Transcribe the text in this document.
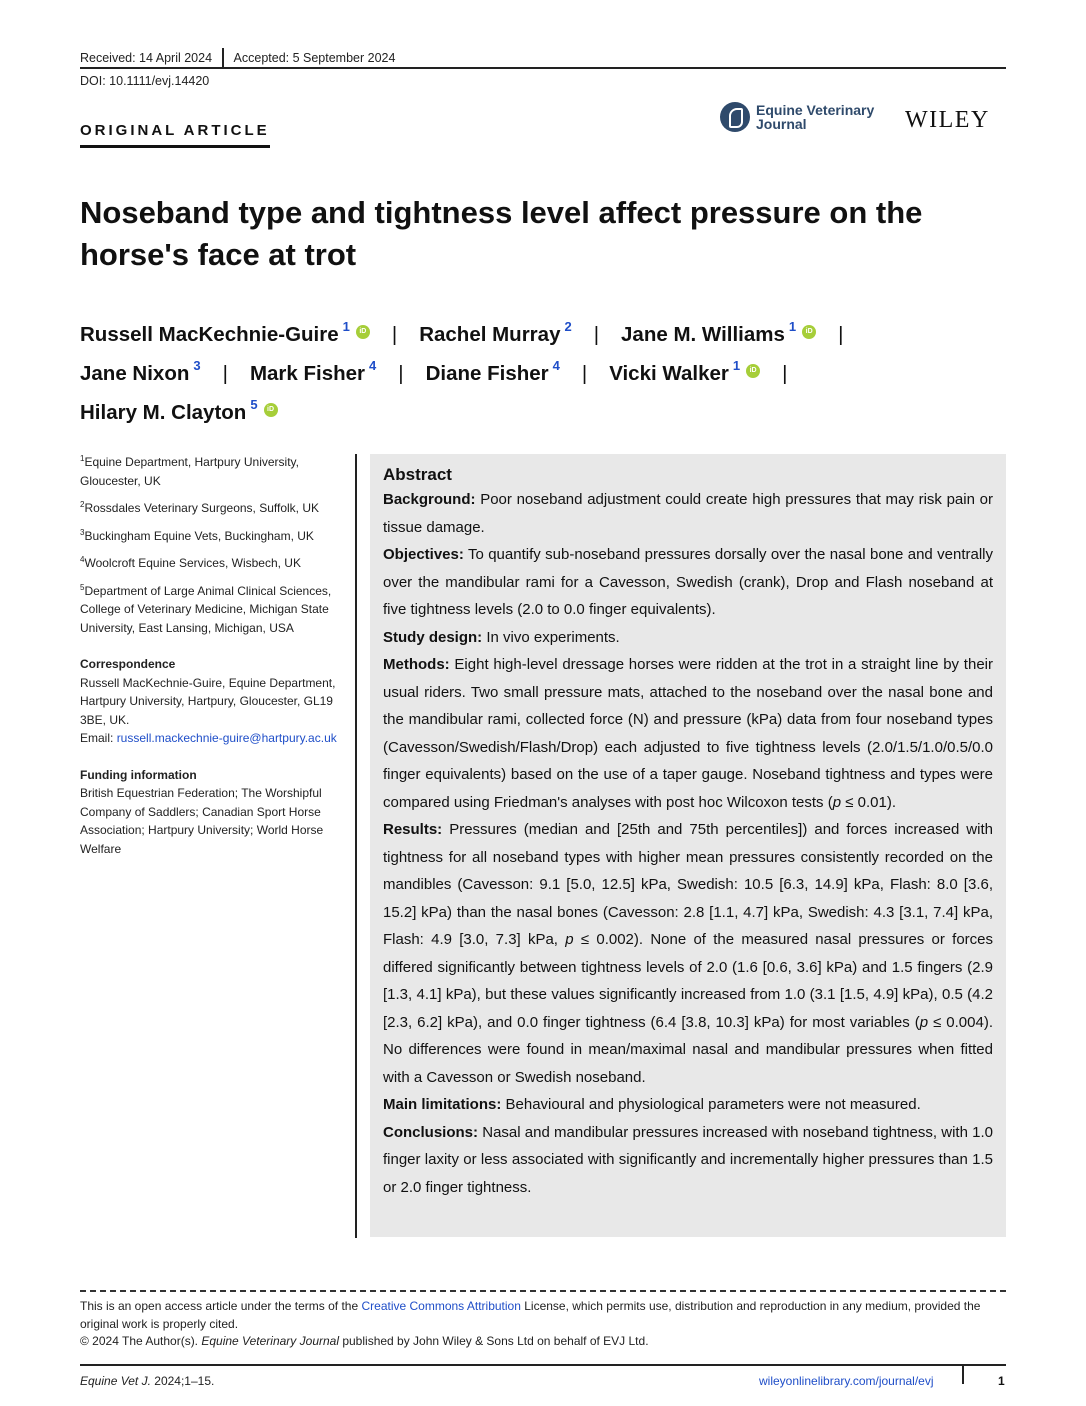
Received: 14 April 2024 Accepted: 5 September 2024
DOI: 10.1111/evj.14420
ORIGINAL ARTICLE
Equine Veterinary
Journal	WILEY
Noseband type and tightness level affect pressure on the
horse's face at trot
Russell MacKechnie-Guire $^1$ iD | Rachel Murray $^2$ | Jane M. Williams $^1$ iD |
Jane Nixon $^3$ | Mark Fisher $^4$ | Diane Fisher $^4$ | Vicki Walker $^1$ iD |
Hilary M. Clayton $^5$ iD

$^1$Equine Department, Hartpury University, Gloucester, UK

$^2$Rossdales Veterinary Surgeons, Suffolk, UK

$^3$Buckingham Equine Vets, Buckingham, UK

$^4$Woolcroft Equine Services, Wisbech, UK

$^5$Department of Large Animal Clinical Sciences, College of Veterinary Medicine, Michigan State University, East Lansing, Michigan, USA

Correspondence

Russell MacKechnie-Guire, Equine Department, Hartpury University, Hartpury, Gloucester, GL19 3BE, UK.
Email: russell.mackechnie-guire@hartpury.ac.uk

Funding information

British Equestrian Federation; The Worshipful Company of Saddlers; Canadian Sport Horse Association; Hartpury University; World Horse Welfare

Abstract

Background: Poor noseband adjustment could create high pressures that may risk pain or tissue damage.

Objectives: To quantify sub-noseband pressures dorsally over the nasal bone and ventrally over the mandibular rami for a Cavesson, Swedish (crank), Drop and Flash noseband at five tightness levels (2.0 to 0.0 finger equivalents).

Study design: In vivo experiments.

Methods: Eight high-level dressage horses were ridden at the trot in a straight line by their usual riders. Two small pressure mats, attached to the noseband over the nasal bone and the mandibular rami, collected force (N) and pressure (kPa) data from four noseband types (Cavesson/Swedish/Flash/Drop) each adjusted to five tightness levels (2.0/1.5/1.0/0.5/0.0 finger equivalents) based on the use of a taper gauge. Noseband tightness and types were compared using Friedman's analyses with post hoc Wilcoxon tests (p ≤ 0.01).

Results: Pressures (median and [25th and 75th percentiles]) and forces increased with tightness for all noseband types with higher mean pressures consistently recorded on the mandibles (Cavesson: 9.1 [5.0, 12.5] kPa, Swedish: 10.5 [6.3, 14.9] kPa, Flash: 8.0 [3.6, 15.2] kPa) than the nasal bones (Cavesson: 2.8 [1.1, 4.7] kPa, Swedish: 4.3 [3.1, 7.4] kPa, Flash: 4.9 [3.0, 7.3] kPa, p ≤ 0.002). None of the measured nasal pressures or forces differed significantly between tightness levels of 2.0 (1.6 [0.6, 3.6] kPa) and 1.5 fingers (2.9 [1.3, 4.1] kPa), but these values significantly increased from 1.0 (3.1 [1.5, 4.9] kPa), 0.5 (4.2 [2.3, 6.2] kPa), and 0.0 finger tightness (6.4 [3.8, 10.3] kPa) for most variables (p ≤ 0.004). No differences were found in mean/maximal nasal and mandibular pressures when fitted with a Cavesson or Swedish noseband.

Main limitations: Behavioural and physiological parameters were not measured.

Conclusions: Nasal and mandibular pressures increased with noseband tightness, with 1.0 finger laxity or less associated with significantly and incrementally higher pressures than 1.5 or 2.0 finger tightness.

This is an open access article under the terms of the Creative Commons Attribution License, which permits use, distribution and reproduction in any medium, provided the original work is properly cited.

© 2024 The Author(s). Equine Veterinary Journal published by John Wiley & Sons Ltd on behalf of EVJ Ltd.

Equine Vet J. 2024;1–15.	wileyonlinelibrary.com/journal/evj	1
